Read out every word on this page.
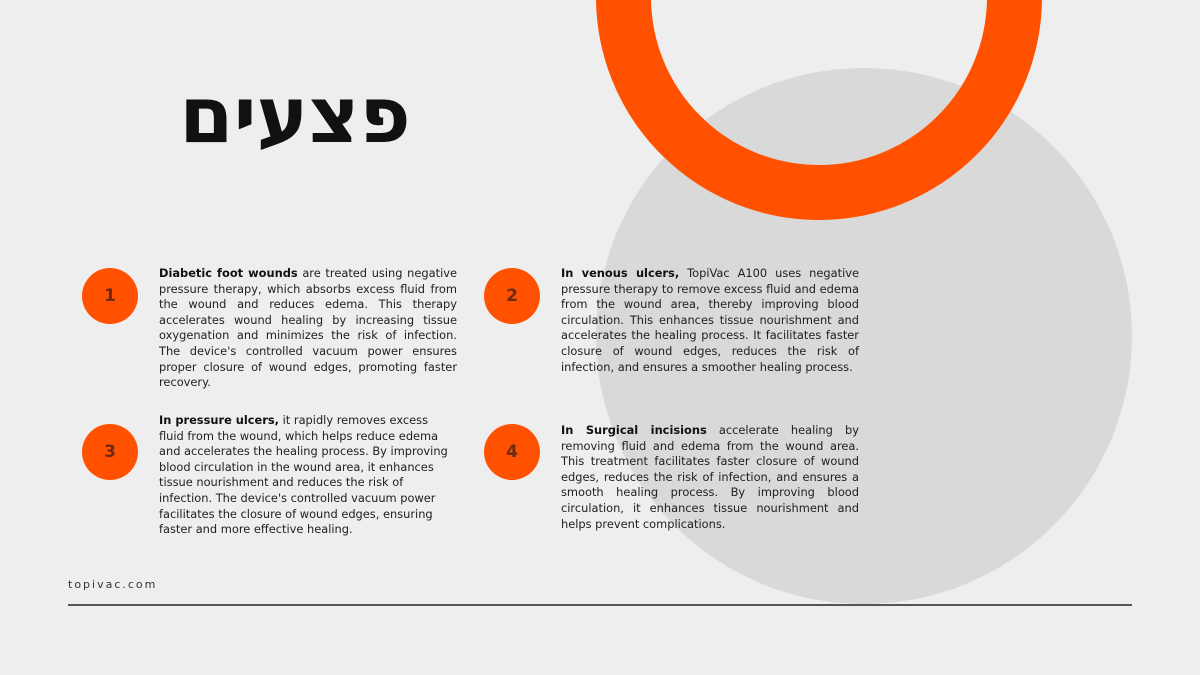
פצעים
1

Diabetic foot wounds are treated using negative pressure therapy, which absorbs excess fluid from the wound and reduces edema. This therapy accelerates wound healing by increasing tissue oxygenation and minimizes the risk of infection. The device's controlled vacuum power ensures proper closure of wound edges, promoting faster recovery.

2

In venous ulcers, TopiVac A100 uses negative pressure therapy to remove excess fluid and edema from the wound area, thereby improving blood circulation. This enhances tissue nourishment and accelerates the healing process. It facilitates faster closure of wound edges, reduces the risk of infection, and ensures a smoother healing process.

3

In pressure ulcers, it rapidly removes excess fluid from the wound, which helps reduce edema and accelerates the healing process. By improving blood circulation in the wound area, it enhances tissue nourishment and reduces the risk of infection. The device's controlled vacuum power facilitates the closure of wound edges, ensuring faster and more effective healing.

4

In Surgical incisions accelerate healing by removing fluid and edema from the wound area. This treatment facilitates faster closure of wound edges, reduces the risk of infection, and ensures a smooth healing process. By improving blood circulation, it enhances tissue nourishment and helps prevent complications.

topivac.com
